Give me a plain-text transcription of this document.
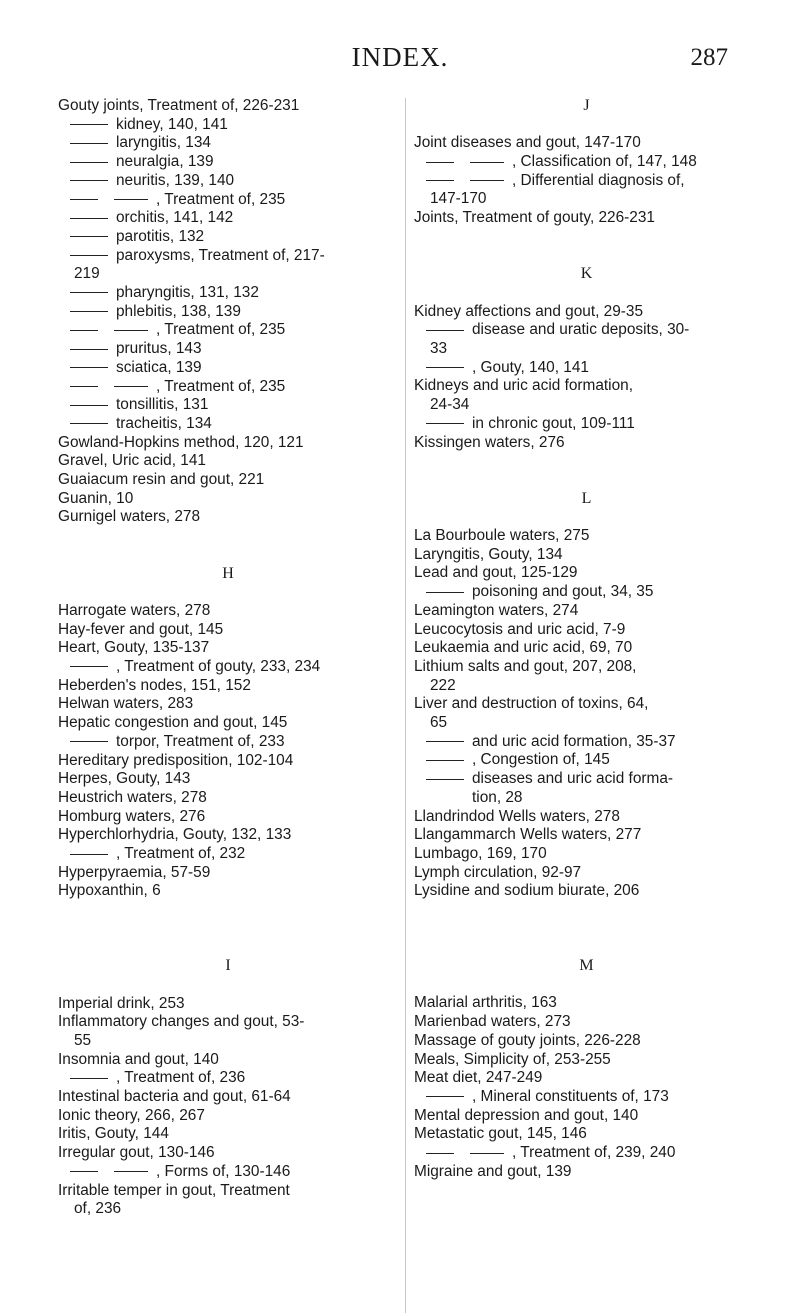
INDEX.	287
Gouty joints, Treatment of, 226-231
kidney, 140, 141
laryngitis, 134
neuralgia, 139
neuritis, 139, 140
, Treatment of, 235
orchitis, 141, 142
parotitis, 132
paroxysms, Treatment of, 217-
219
pharyngitis, 131, 132
phlebitis, 138, 139
, Treatment of, 235
pruritus, 143
sciatica, 139
, Treatment of, 235
tonsillitis, 131
tracheitis, 134
Gowland-Hopkins method, 120, 121
Gravel, Uric acid, 141
Guaiacum resin and gout, 221
Guanin, 10
Gurnigel waters, 278
H
Harrogate waters, 278
Hay-fever and gout, 145
Heart, Gouty, 135-137
, Treatment of gouty, 233, 234
Heberden's nodes, 151, 152
Helwan waters, 283
Hepatic congestion and gout, 145
torpor, Treatment of, 233
Hereditary predisposition, 102-104
Herpes, Gouty, 143
Heustrich waters, 278
Homburg waters, 276
Hyperchlorhydria, Gouty, 132, 133
, Treatment of, 232
Hyperpyraemia, 57-59
Hypoxanthin, 6
I
Imperial drink, 253
Inflammatory changes and gout, 53-
55
Insomnia and gout, 140
, Treatment of, 236
Intestinal bacteria and gout, 61-64
Ionic theory, 266, 267
Iritis, Gouty, 144
Irregular gout, 130-146
, Forms of, 130-146
Irritable temper in gout, Treatment
of, 236
J
Joint diseases and gout, 147-170
, Classification of, 147, 148
, Differential diagnosis of,
147-170
Joints, Treatment of gouty, 226-231
K
Kidney affections and gout, 29-35
disease and uratic deposits, 30-
33
, Gouty, 140, 141
Kidneys and uric acid formation,
24-34
in chronic gout, 109-111
Kissingen waters, 276
L
La Bourboule waters, 275
Laryngitis, Gouty, 134
Lead and gout, 125-129
poisoning and gout, 34, 35
Leamington waters, 274
Leucocytosis and uric acid, 7-9
Leukaemia and uric acid, 69, 70
Lithium salts and gout, 207, 208,
222
Liver and destruction of toxins, 64,
65
and uric acid formation, 35-37
, Congestion of, 145
diseases and uric acid forma-
tion, 28
Llandrindod Wells waters, 278
Llangammarch Wells waters, 277
Lumbago, 169, 170
Lymph circulation, 92-97
Lysidine and sodium biurate, 206
M
Malarial arthritis, 163
Marienbad waters, 273
Massage of gouty joints, 226-228
Meals, Simplicity of, 253-255
Meat diet, 247-249
, Mineral constituents of, 173
Mental depression and gout, 140
Metastatic gout, 145, 146
, Treatment of, 239, 240
Migraine and gout, 139
